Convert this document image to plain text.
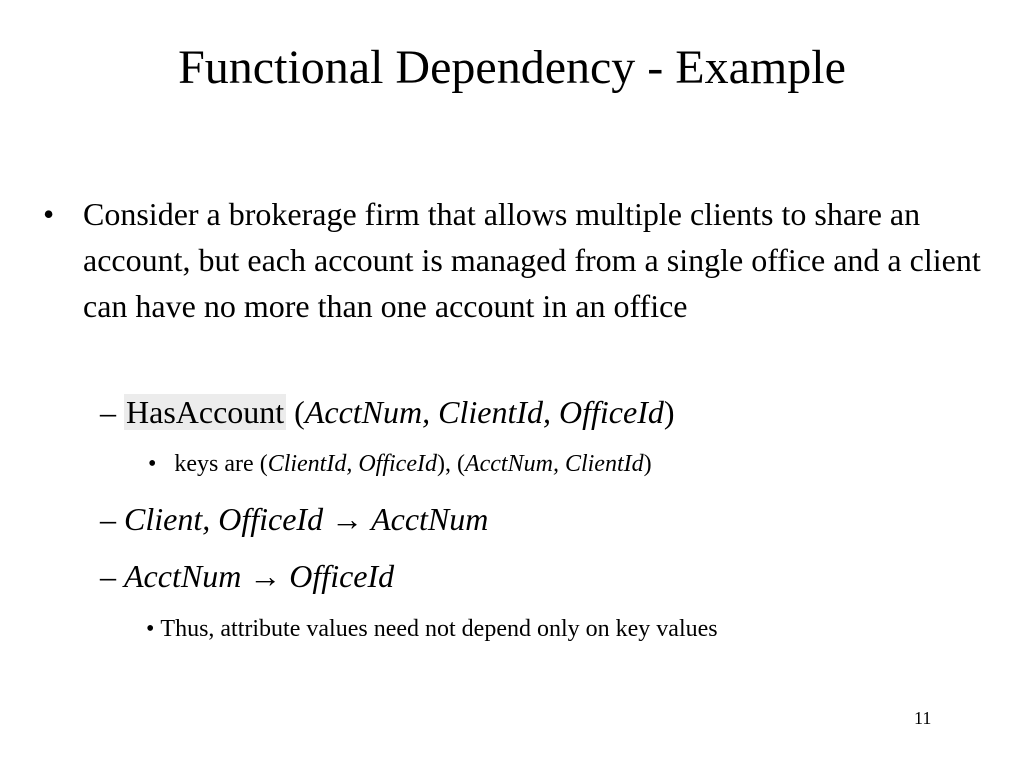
Functional Dependency - Example
• Consider a brokerage firm that allows multiple clients to share an account, but each account is managed from a single office and a client can have no more than one account in an office
– HasAccount (AcctNum, ClientId, OfficeId)
• keys are (ClientId, OfficeId), (AcctNum, ClientId)
– Client, OfficeId → AcctNum
– AcctNum → OfficeId
• Thus, attribute values need not depend only on key values
11
